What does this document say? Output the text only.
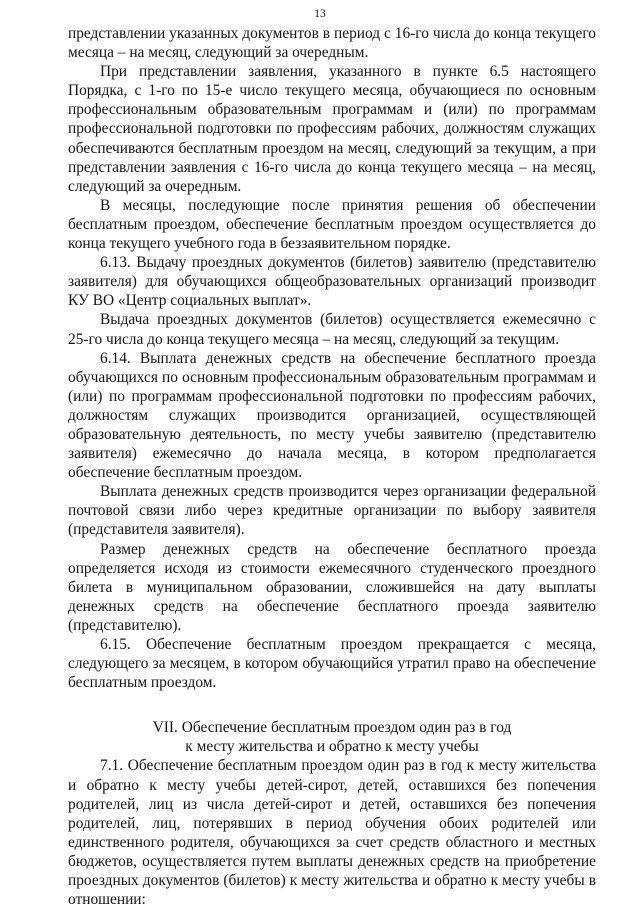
13

представлении указанных документов в период с 16-го числа до конца текущего месяца – на месяц, следующий за очередным.

При представлении заявления, указанного в пункте 6.5 настоящего Порядка, с 1-го по 15-е число текущего месяца, обучающиеся по основным профессиональным образовательным программам и (или) по программам профессиональной подготовки по профессиям рабочих, должностям служащих обеспечиваются бесплатным проездом на месяц, следующий за текущим, а при представлении заявления с 16-го числа до конца текущего месяца – на месяц, следующий за очередным.

В месяцы, последующие после принятия решения об обеспечении бесплатным проездом, обеспечение бесплатным проездом осуществляется до конца текущего учебного года в беззаявительном порядке.

6.13. Выдачу проездных документов (билетов) заявителю (представителю заявителя) для обучающихся общеобразовательных организаций производит КУ ВО «Центр социальных выплат».

Выдача проездных документов (билетов) осуществляется ежемесячно с 25-го числа до конца текущего месяца – на месяц, следующий за текущим.

6.14. Выплата денежных средств на обеспечение бесплатного проезда обучающихся по основным профессиональным образовательным программам и (или) по программам профессиональной подготовки по профессиям рабочих, должностям служащих производится организацией, осуществляющей образовательную деятельность, по месту учебы заявителю (представителю заявителя) ежемесячно до начала месяца, в котором предполагается обеспечение бесплатным проездом.

Выплата денежных средств производится через организации федеральной почтовой связи либо через кредитные организации по выбору заявителя (представителя заявителя).

Размер денежных средств на обеспечение бесплатного проезда определяется исходя из стоимости ежемесячного студенческого проездного билета в муниципальном образовании, сложившейся на дату выплаты денежных средств на обеспечение бесплатного проезда заявителю (представителю).

6.15. Обеспечение бесплатным проездом прекращается с месяца, следующего за месяцем, в котором обучающийся утратил право на обеспечение бесплатным проездом.

VII. Обеспечение бесплатным проездом один раз в год
к месту жительства и обратно к месту учебы

7.1. Обеспечение бесплатным проездом один раз в год к месту жительства и обратно к месту учебы детей-сирот, детей, оставшихся без попечения родителей, лиц из числа детей-сирот и детей, оставшихся без попечения родителей, лиц, потерявших в период обучения обоих родителей или единственного родителя, обучающихся за счет средств областного и местных бюджетов, осуществляется путем выплаты денежных средств на приобретение проездных документов (билетов) к месту жительства и обратно к месту учебы в отношении:
